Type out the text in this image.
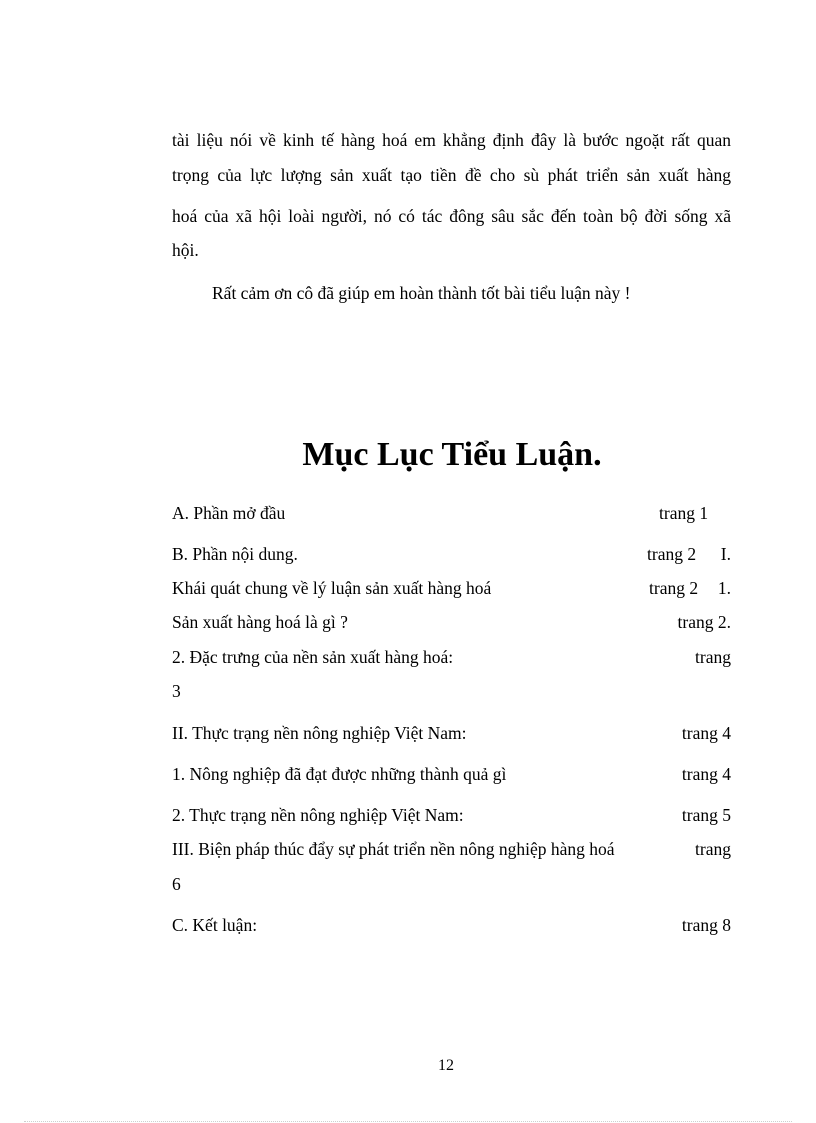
tài liệu nói về kinh tế hàng hoá em khẳng định đây là bước ngoặt rất quan
trọng của lực lượng sản xuất tạo tiền đề cho sù phát triển sản xuất hàng
hoá của xã hội loài người, nó có tác đông sâu sắc đến toàn bộ đời sống xã
hội.
Rất cảm ơn cô đã giúp em hoàn thành tốt bài tiểu luận này !
Mục Lục Tiểu Luận.
A. Phần mở đầu	trang 1
B. Phần nội dung.	trang 2 I.
Khái quát chung về lý luận sản xuất hàng hoá	trang 2 1.
Sản xuất hàng hoá là gì ?	trang 2.
2. Đặc trưng của nền sản xuất hàng hoá:	trang
3
II. Thực trạng nền nông nghiệp Việt Nam:	trang 4
1. Nông nghiệp đã đạt được những thành quả gì	trang 4
2. Thực trạng nền nông nghiệp Việt Nam:	trang 5
III. Biện pháp thúc đẩy sự phát triển nền nông nghiệp hàng hoá	trang
6
C. Kết luận:	trang 8
12
